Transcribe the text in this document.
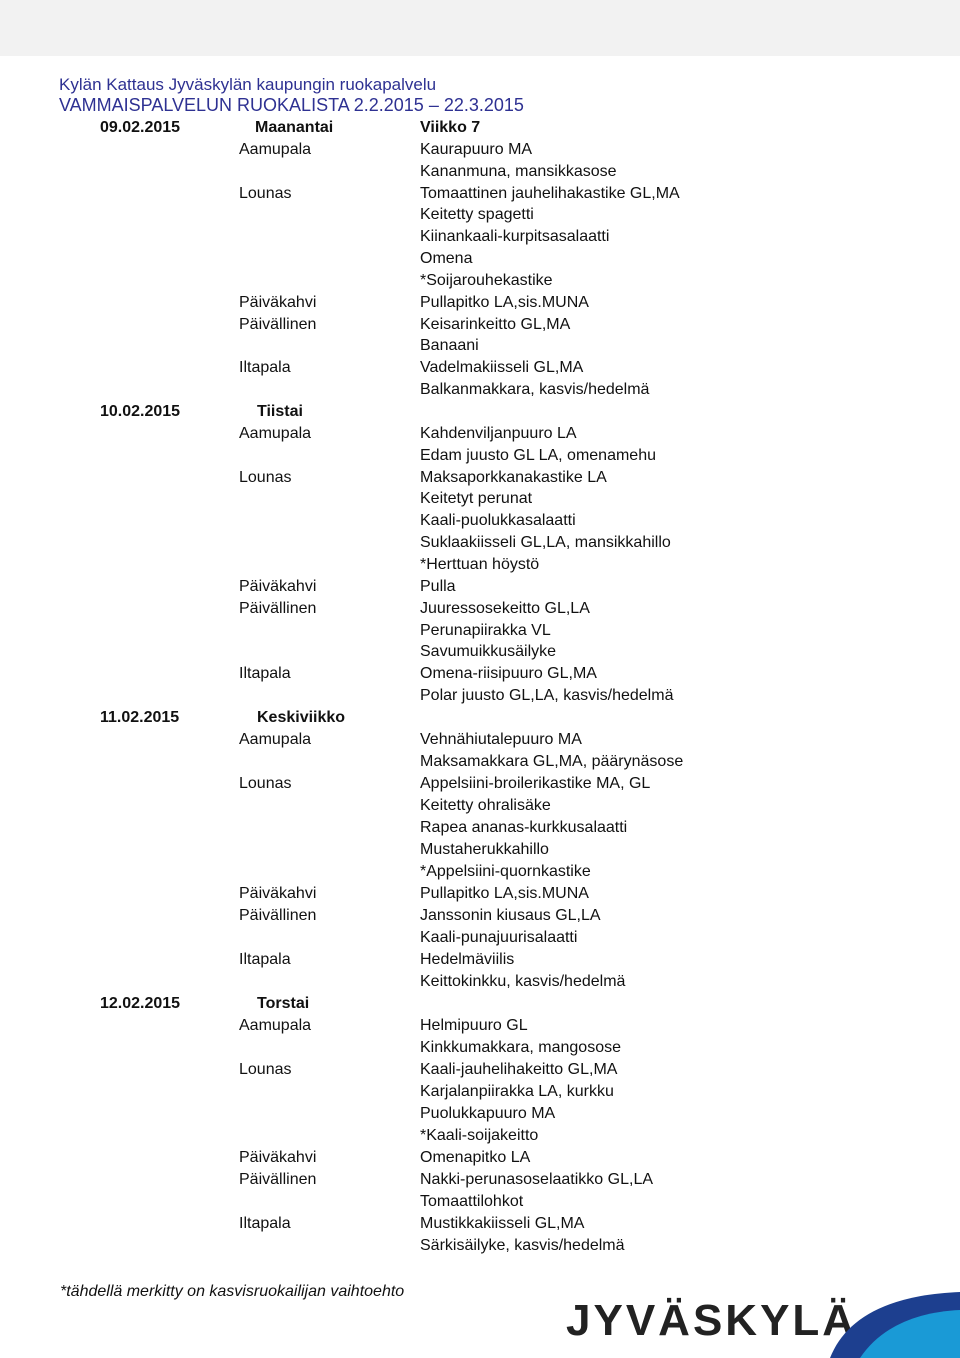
Kylän Kattaus Jyväskylän kaupungin ruokapalvelu
VAMMAISPALVELUN RUOKALISTA 2.2.2015 – 22.3.2015
09.02.2015	Maanantai	Viikko 7
Aamupala	Kaurapuuro MA
Kananmuna, mansikkasose
Lounas	Tomaattinen jauhelihakastike GL,MA
Keitetty spagetti
Kiinankaali-kurpitsasalaatti
Omena
*Soijarouhekastike
Päiväkahvi	Pullapitko LA,sis.MUNA
Päivällinen	Keisarinkeitto GL,MA
Banaani
Iltapala	Vadelmakiisseli GL,MA
Balkanmakkara, kasvis/hedelmä
10.02.2015	Tiistai
Aamupala	Kahdenviljanpuuro LA
Edam juusto GL LA, omenamehu
Lounas	Maksaporkkanakastike LA
Keitetyt perunat
Kaali-puolukkasalaatti
Suklaakiisseli GL,LA, mansikkahillo
*Herttuan höystö
Päiväkahvi	Pulla
Päivällinen	Juuressosekeitto GL,LA
Perunapiirakka VL
Savumuikkusäilyke
Iltapala	Omena-riisipuuro GL,MA
Polar juusto GL,LA, kasvis/hedelmä
11.02.2015	Keskiviikko
Aamupala	Vehnähiutalepuuro MA
Maksamakkara GL,MA, päärynäsose
Lounas	Appelsiini-broilerikastike MA, GL
Keitetty ohralisäke
Rapea ananas-kurkkusalaatti
Mustaherukkahillo
*Appelsiini-quornkastike
Päiväkahvi	Pullapitko LA,sis.MUNA
Päivällinen	Janssonin kiusaus GL,LA
Kaali-punajuurisalaatti
Iltapala	Hedelmäviilis
Keittokinkku, kasvis/hedelmä
12.02.2015	Torstai
Aamupala	Helmipuuro GL
Kinkkumakkara, mangosose
Lounas	Kaali-jauhelihakeitto GL,MA
Karjalanpiirakka LA, kurkku
Puolukkapuuro MA
*Kaali-soijakeitto
Päiväkahvi	Omenapitko LA
Päivällinen	Nakki-perunasoselaatikko GL,LA
Tomaattilohkot
Iltapala	Mustikkakiisseli GL,MA
Särkisäilyke, kasvis/hedelmä
*tähdellä merkitty on kasvisruokailijan vaihtoehto
JYVÄSKYLÄ
